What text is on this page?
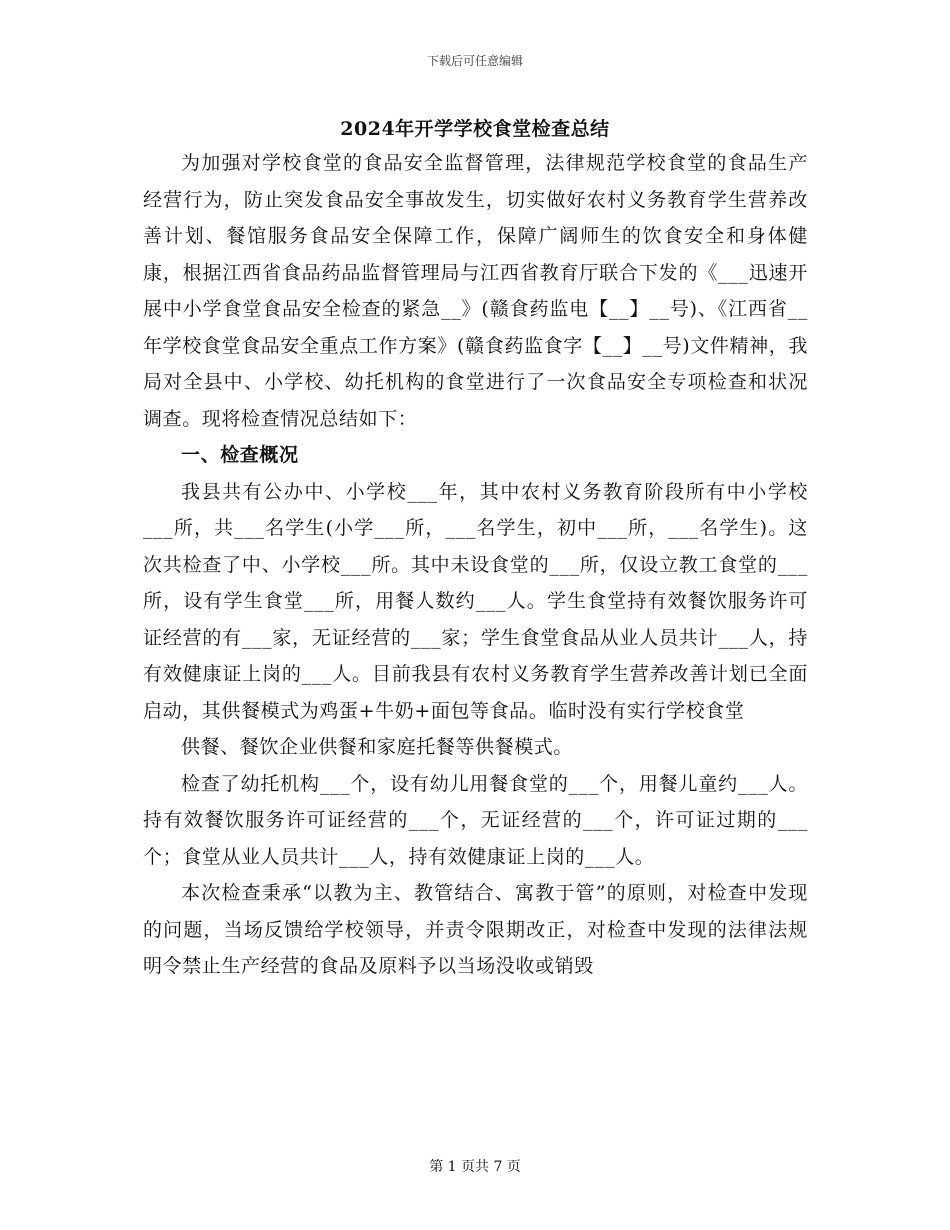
下载后可任意编辑
2024年开学学校食堂检查总结

为加强对学校食堂的食品安全监督管理，法律规范学校食堂的食品生产经营行为，防止突发食品安全事故发生，切实做好农村义务教育学生营养改善计划、餐馆服务食品安全保障工作，保障广阔师生的饮食安全和身体健康，根据江西省食品药品监督管理局与江西省教育厅联合下发的《___迅速开展中小学食堂食品安全检查的紧急__》(赣食药监电【__】__号)、《江西省__年学校食堂食品安全重点工作方案》(赣食药监食字【__】__号)文件精神，我局对全县中、小学校、幼托机构的食堂进行了一次食品安全专项检查和状况调查。现将检查情况总结如下：

一、检查概况

我县共有公办中、小学校___年，其中农村义务教育阶段所有中小学校___所，共___名学生(小学___所，___名学生，初中___所，___名学生)。这次共检查了中、小学校___所。其中未设食堂的___所，仅设立教工食堂的___所，设有学生食堂___所，用餐人数约___人。学生食堂持有效餐饮服务许可证经营的有___家，无证经营的___家；学生食堂食品从业人员共计___人，持有效健康证上岗的___人。目前我县有农村义务教育学生营养改善计划已全面启动，其供餐模式为鸡蛋+牛奶+面包等食品。临时没有实行学校食堂

供餐、餐饮企业供餐和家庭托餐等供餐模式。

检查了幼托机构___个，设有幼儿用餐食堂的___个，用餐儿童约___人。持有效餐饮服务许可证经营的___个，无证经营的___个，许可证过期的___个；食堂从业人员共计___人，持有效健康证上岗的___人。

本次检查秉承“以教为主、教管结合、寓教于管”的原则，对检查中发现的问题，当场反馈给学校领导，并责令限期改正，对检查中发现的法律法规明令禁止生产经营的食品及原料予以当场没收或销毁

第 1 页共 7 页
